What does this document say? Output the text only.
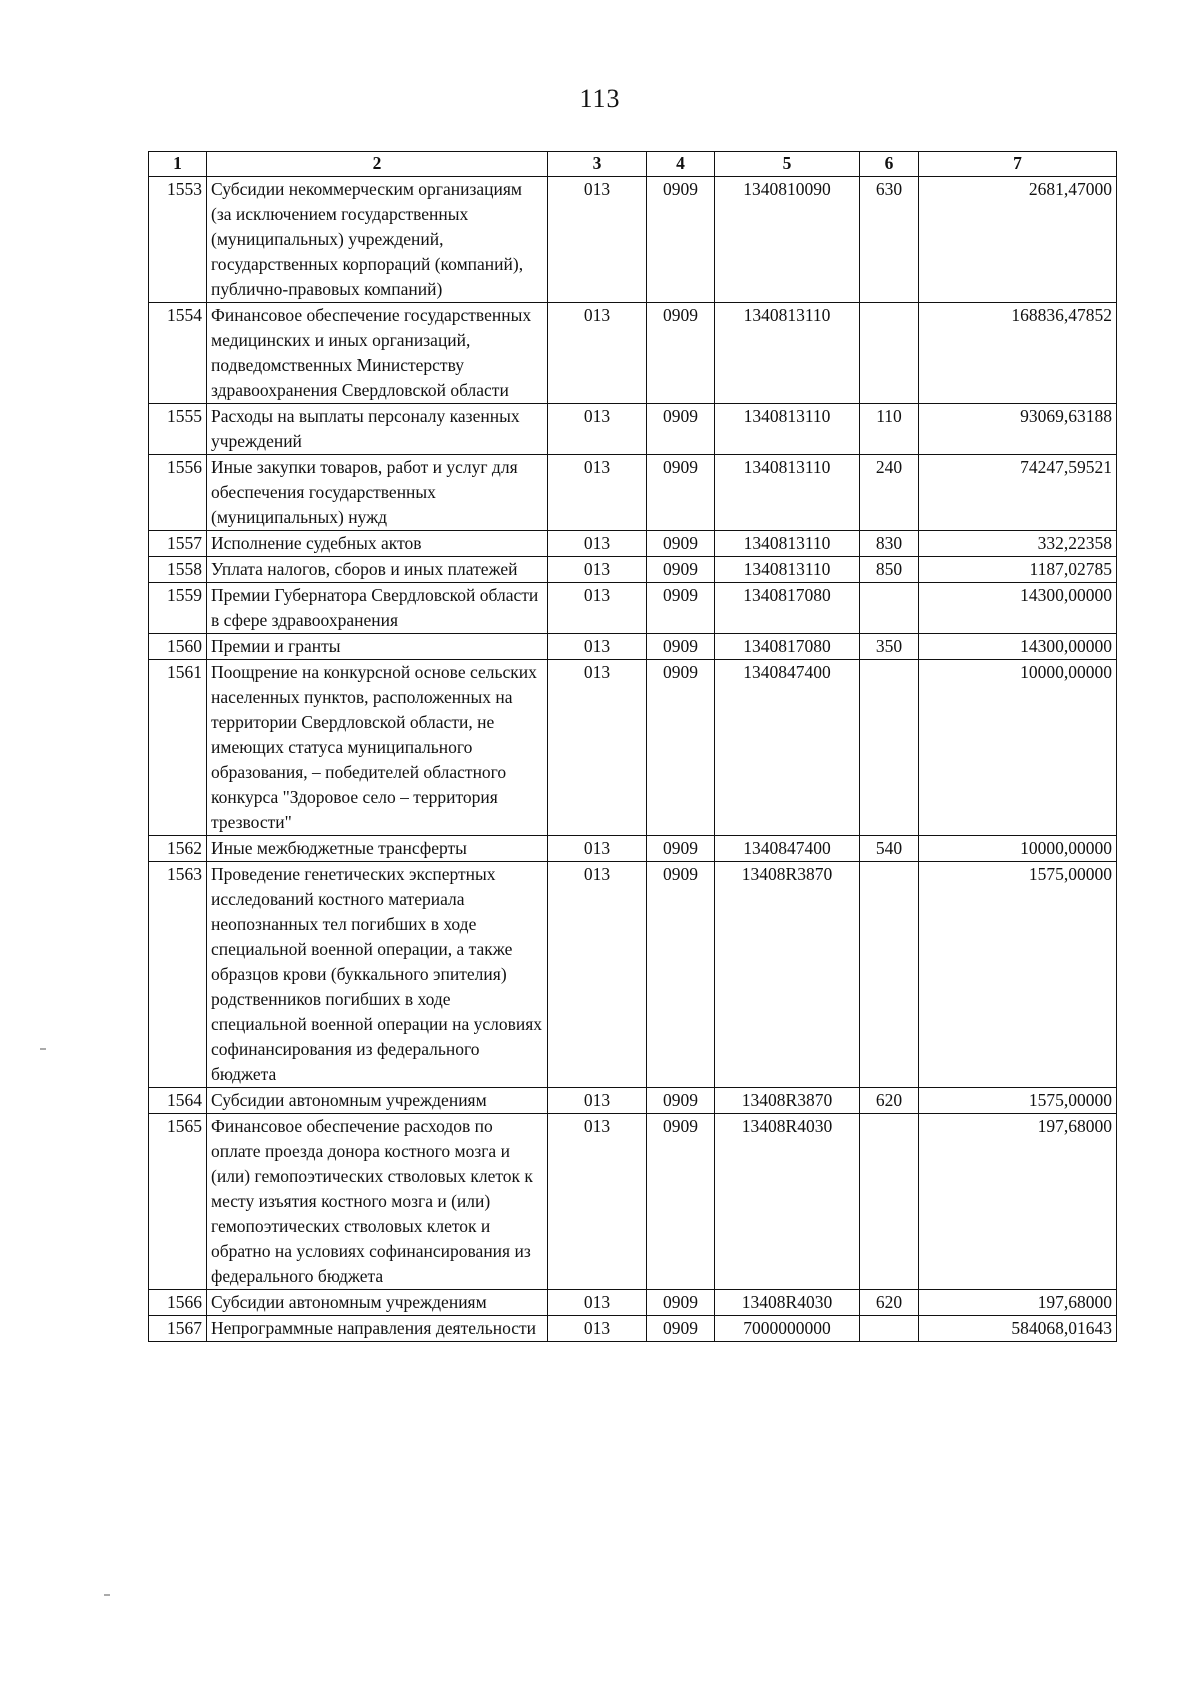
113
1	2	3	4	5	6	7
1553	Субсидии некоммерческим организациям (за исключением государственных (муниципальных) учреждений, государственных корпораций (компаний), публично-правовых компаний)	013	0909	1340810090	630	2681,47000
1554	Финансовое обеспечение государственных медицинских и иных организаций, подведомственных Министерству здравоохранения Свердловской области	013	0909	1340813110		168836,47852
1555	Расходы на выплаты персоналу казенных учреждений	013	0909	1340813110	110	93069,63188
1556	Иные закупки товаров, работ и услуг для обеспечения государственных (муниципальных) нужд	013	0909	1340813110	240	74247,59521
1557	Исполнение судебных актов	013	0909	1340813110	830	332,22358
1558	Уплата налогов, сборов и иных платежей	013	0909	1340813110	850	1187,02785
1559	Премии Губернатора Свердловской области в сфере здравоохранения	013	0909	1340817080		14300,00000
1560	Премии и гранты	013	0909	1340817080	350	14300,00000
1561	Поощрение на конкурсной основе сельских населенных пунктов, расположенных на территории Свердловской области, не имеющих статуса муниципального образования, – победителей областного конкурса "Здоровое село – территория трезвости"	013	0909	1340847400		10000,00000
1562	Иные межбюджетные трансферты	013	0909	1340847400	540	10000,00000
1563	Проведение генетических экспертных исследований костного материала неопознанных тел погибших в ходе специальной военной операции, а также образцов крови (буккального эпителия) родственников погибших в ходе специальной военной операции на условиях софинансирования из федерального бюджета	013	0909	13408R3870		1575,00000
1564	Субсидии автономным учреждениям	013	0909	13408R3870	620	1575,00000
1565	Финансовое обеспечение расходов по оплате проезда донора костного мозга и (или) гемопоэтических стволовых клеток к месту изъятия костного мозга и (или) гемопоэтических стволовых клеток и обратно на условиях софинансирования из федерального бюджета	013	0909	13408R4030		197,68000
1566	Субсидии автономным учреждениям	013	0909	13408R4030	620	197,68000
1567	Непрограммные направления деятельности	013	0909	7000000000		584068,01643
